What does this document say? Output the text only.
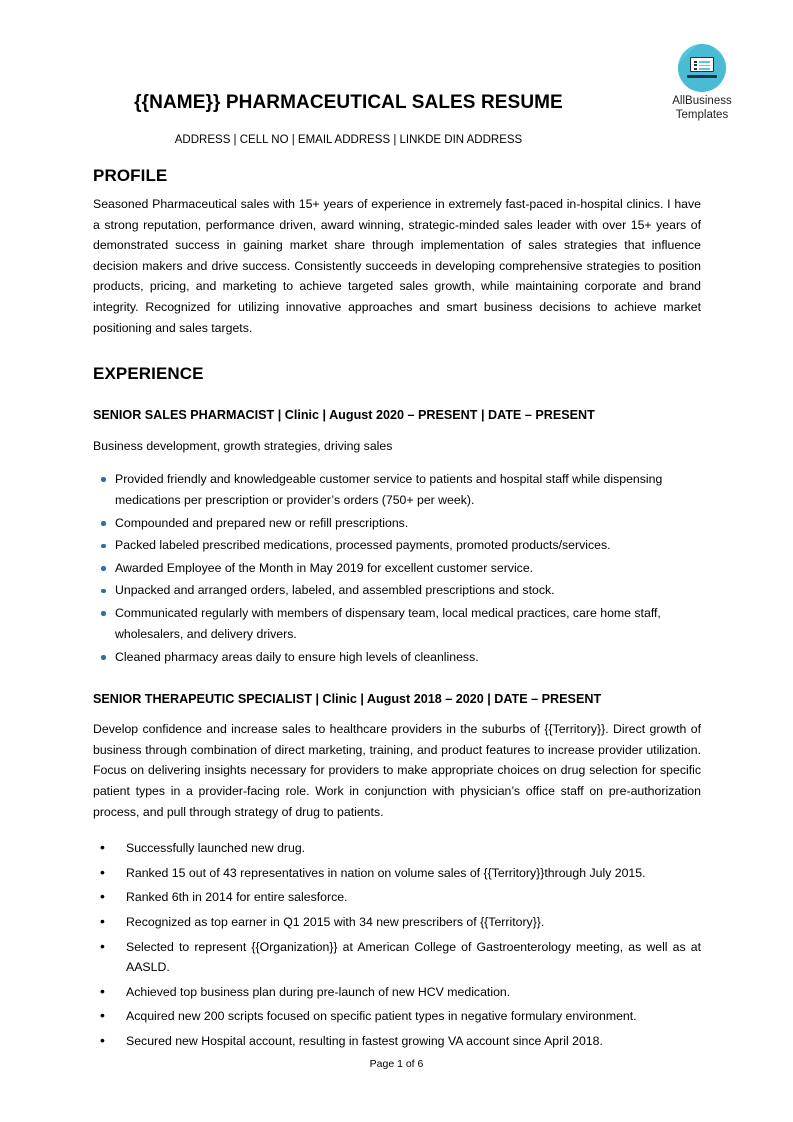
AllBusiness
Templates
{{NAME}} PHARMACEUTICAL SALES RESUME
ADDRESS | CELL NO | EMAIL ADDRESS | LINKDE DIN ADDRESS
PROFILE

Seasoned Pharmaceutical sales with 15+ years of experience in extremely fast-paced in-hospital clinics. I have a strong reputation, performance driven, award winning, strategic-minded sales leader with over 15+ years of demonstrated success in gaining market share through implementation of sales strategies that influence decision makers and drive success. Consistently succeeds in developing comprehensive strategies to position products, pricing, and marketing to achieve targeted sales growth, while maintaining corporate and brand integrity. Recognized for utilizing innovative approaches and smart business decisions to achieve market positioning and sales targets.

EXPERIENCE
SENIOR SALES PHARMACIST | Clinic | August 2020 – PRESENT | DATE – PRESENT

Business development, growth strategies, driving sales

Provided friendly and knowledgeable customer service to patients and hospital staff while dispensing medications per prescription or provider’s orders (750+ per week).
Compounded and prepared new or refill prescriptions.
Packed labeled prescribed medications, processed payments, promoted products/services.
Awarded Employee of the Month in May 2019 for excellent customer service.
Unpacked and arranged orders, labeled, and assembled prescriptions and stock.
Communicated regularly with members of dispensary team, local medical practices, care home staff, wholesalers, and delivery drivers.
Cleaned pharmacy areas daily to ensure high levels of cleanliness.
SENIOR THERAPEUTIC SPECIALIST | Clinic | August 2018 – 2020 | DATE – PRESENT

Develop confidence and increase sales to healthcare providers in the suburbs of {{Territory}}. Direct growth of business through combination of direct marketing, training, and product features to increase provider utilization. Focus on delivering insights necessary for providers to make appropriate choices on drug selection for specific patient types in a provider-facing role. Work in conjunction with physician’s office staff on pre-authorization process, and pull through strategy of drug to patients.

• Successfully launched new drug.
• Ranked 15 out of 43 representatives in nation on volume sales of {{Territory}}through July 2015.
• Ranked 6th in 2014 for entire salesforce.
• Recognized as top earner in Q1 2015 with 34 new prescribers of {{Territory}}.
• Selected to represent {{Organization}} at American College of Gastroenterology meeting, as well as at AASLD.
• Achieved top business plan during pre-launch of new HCV medication.
• Acquired new 200 scripts focused on specific patient types in negative formulary environment.
• Secured new Hospital account, resulting in fastest growing VA account since April 2018.
Page 1 of 6
